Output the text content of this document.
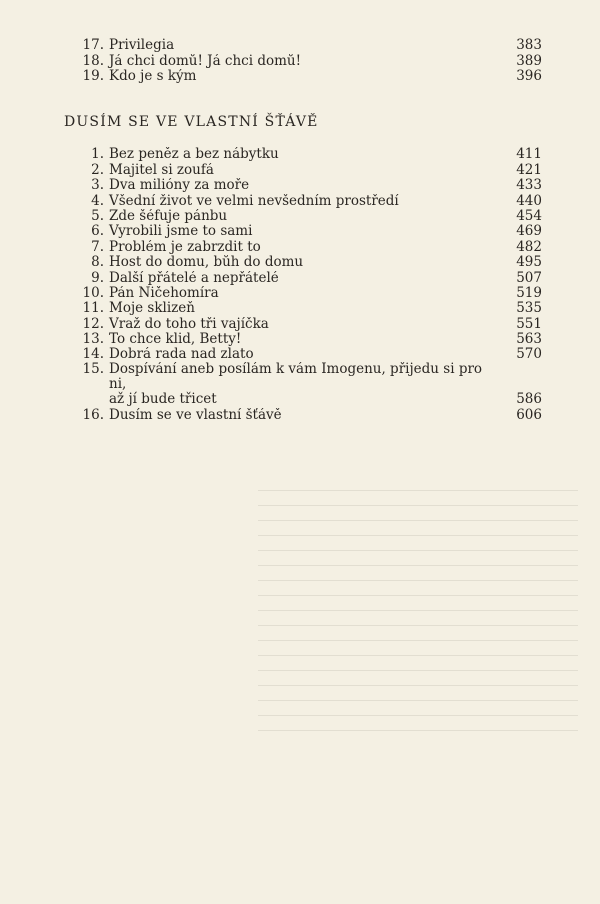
17. Privilegia	383
18. Já chci domů! Já chci domů!	389
19. Kdo je s kým	396
DUSÍM SE VE VLASTNÍ ŠŤÁVĚ
1. Bez peněz a bez nábytku	411
2. Majitel si zoufá	421
3. Dva milióny za moře	433
4. Všední život ve velmi nevšedním prostředí	440
5. Zde šéfuje pánbu	454
6. Vyrobili jsme to sami	469
7. Problém je zabrzdit to	482
8. Host do domu, bůh do domu	495
9. Další přátelé a nepřátelé	507
10. Pán Ničehomíra	519
11. Moje sklizeň	535
12. Vraž do toho tři vajíčka	551
13. To chce klid, Betty!	563
14. Dobrá rada nad zlato	570
15. Dospívání aneb posílám k vám Imogenu, přijedu si pro ni,
až jí bude třicet	586
16. Dusím se ve vlastní šťávě	606
